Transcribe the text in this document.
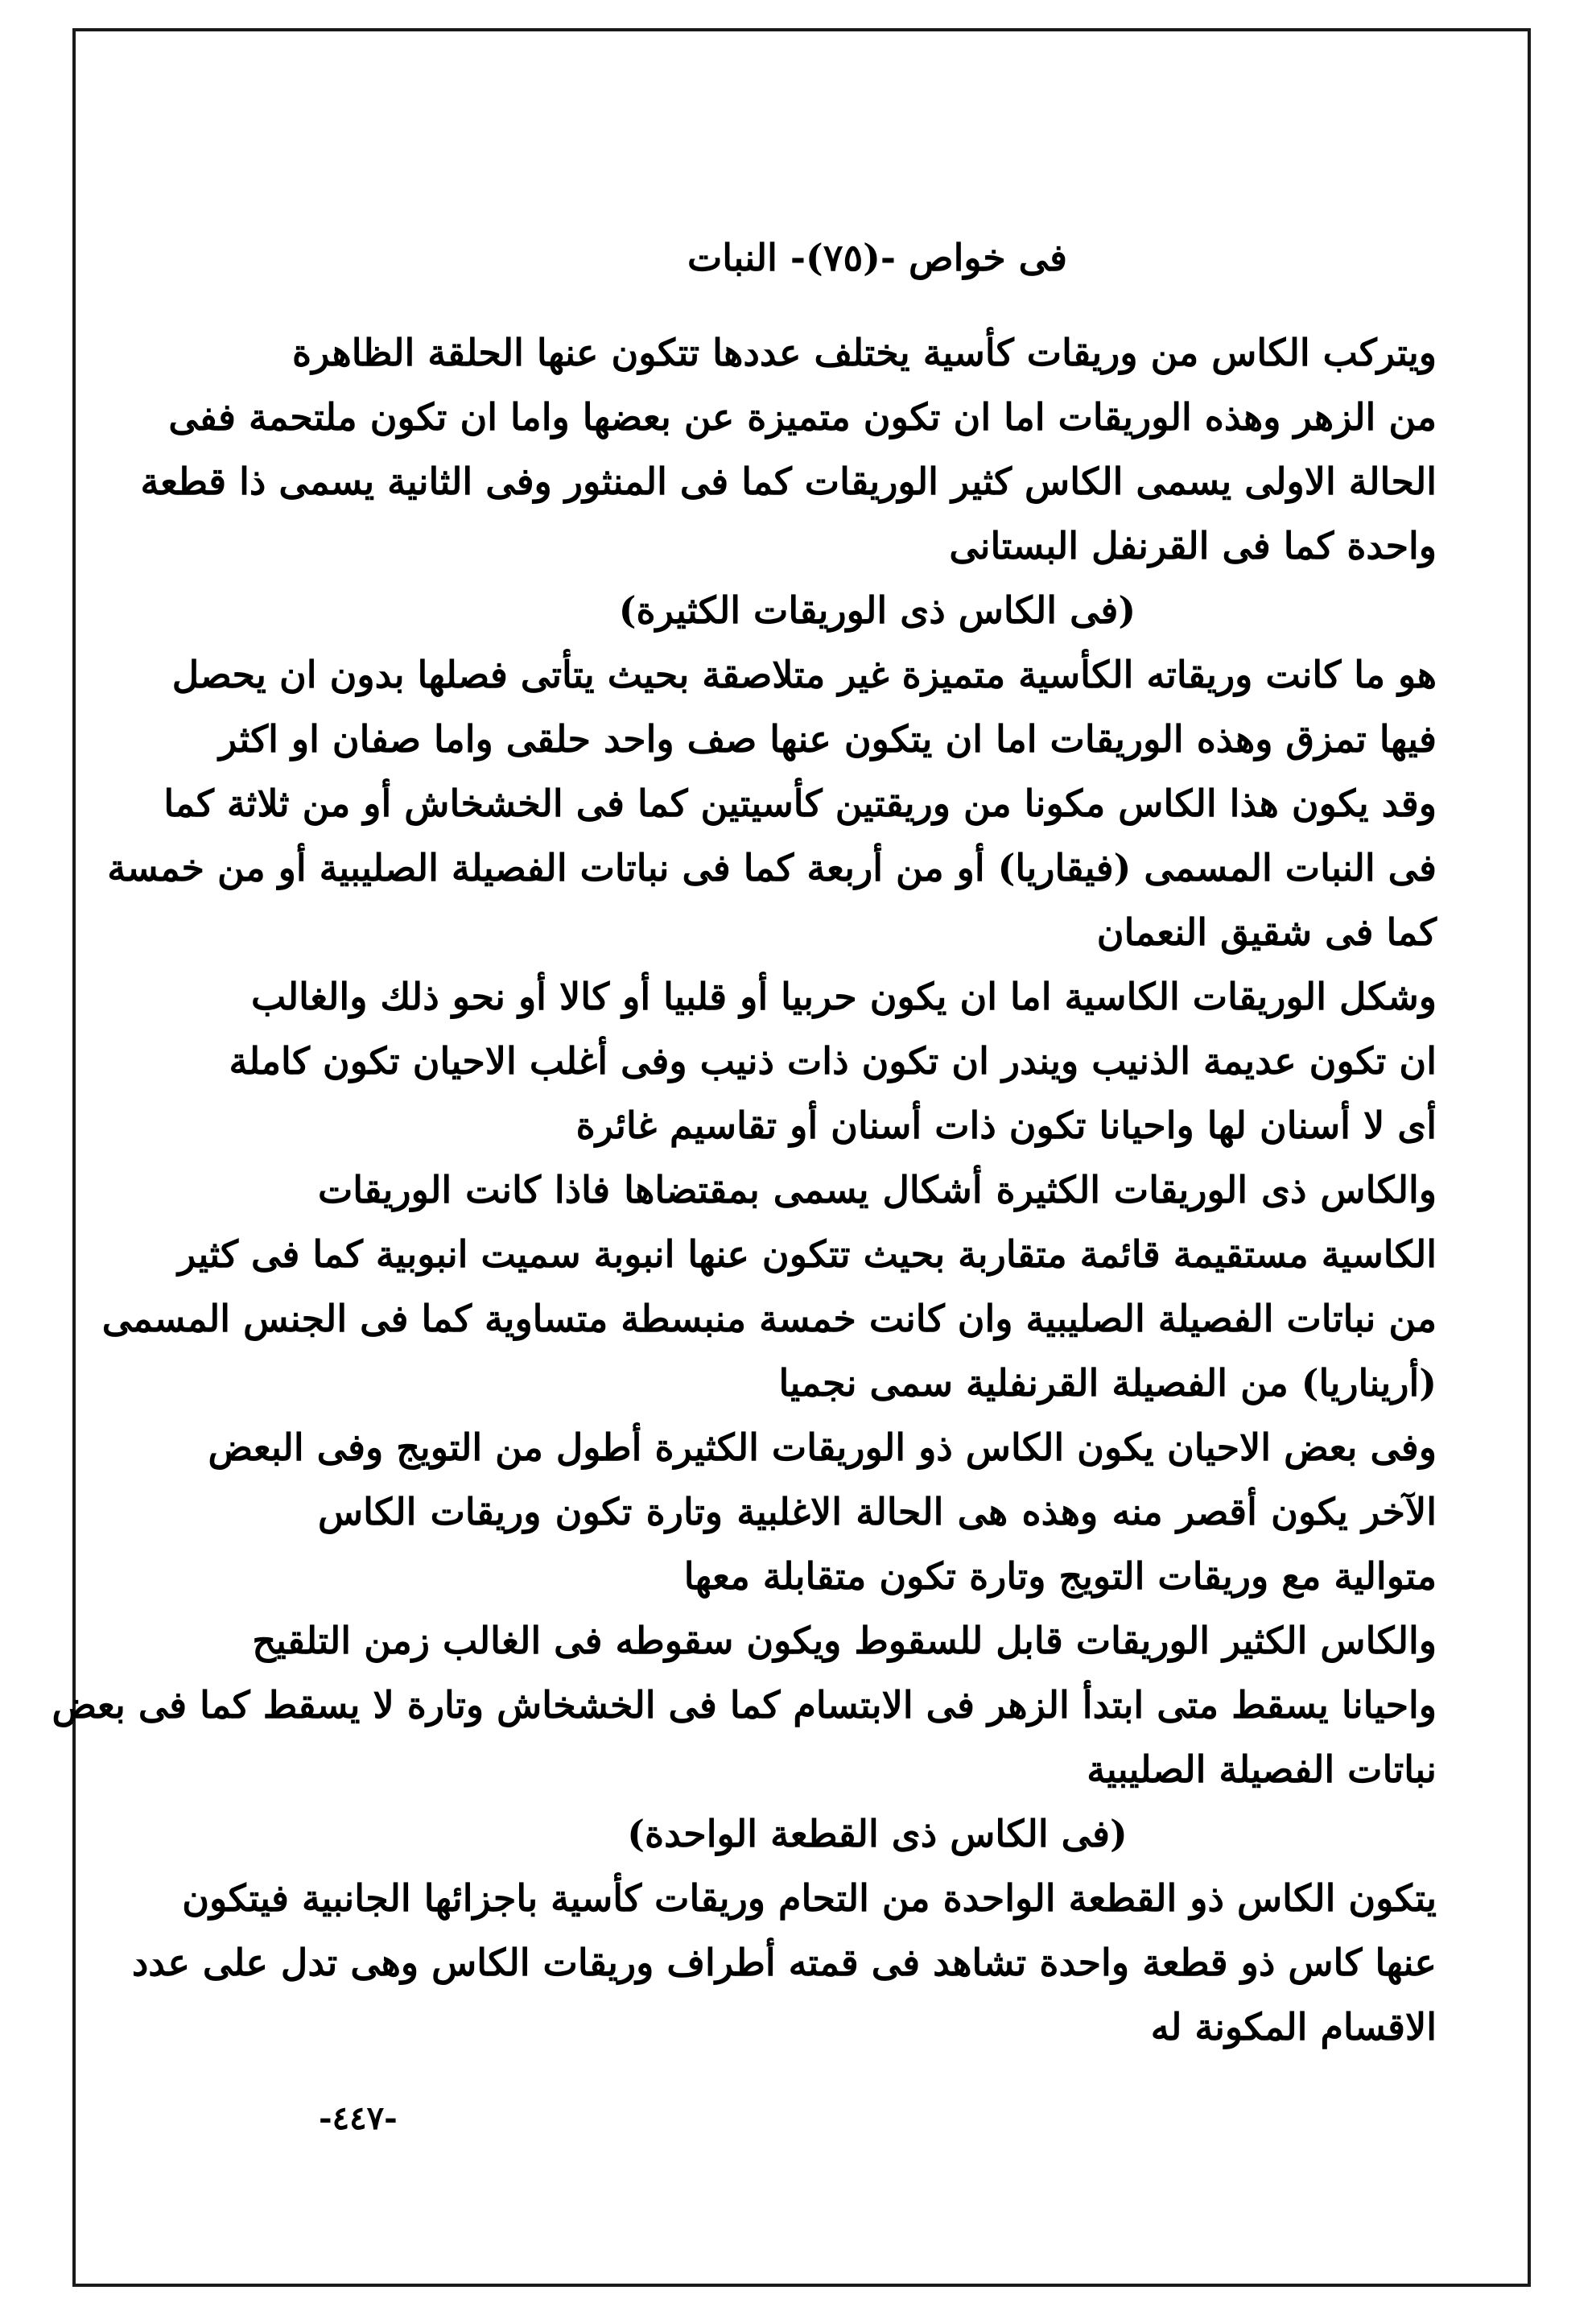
فى خواص -(٧٥)- النبات
ويتركب الكاس من وريقات كأسية يختلف عددها تتكون عنها الحلقة الظاهرة
من الزهر وهذه الوريقات اما ان تكون متميزة عن بعضها واما ان تكون ملتحمة ففى
الحالة الاولى يسمى الكاس كثير الوريقات كما فى المنثور وفى الثانية يسمى ذا قطعة
واحدة كما فى القرنفل البستانى
(فى الكاس ذى الوريقات الكثيرة)
هو ما كانت وريقاته الكأسية متميزة غير متلاصقة بحيث يتأتى فصلها بدون ان يحصل
فيها تمزق وهذه الوريقات اما ان يتكون عنها صف واحد حلقى واما صفان او اكثر
وقد يكون هذا الكاس مكونا من وريقتين كأسيتين كما فى الخشخاش أو من ثلاثة كما
فى النبات المسمى (فيقاريا) أو من أربعة كما فى نباتات الفصيلة الصليبية أو من خمسة
كما فى شقيق النعمان
وشكل الوريقات الكاسية اما ان يكون حربيا أو قلبيا أو كالا أو نحو ذلك والغالب
ان تكون عديمة الذنيب ويندر ان تكون ذات ذنيب وفى أغلب الاحيان تكون كاملة
أى لا أسنان لها واحيانا تكون ذات أسنان أو تقاسيم غائرة
والكاس ذى الوريقات الكثيرة أشكال يسمى بمقتضاها فاذا كانت الوريقات
الكاسية مستقيمة قائمة متقاربة بحيث تتكون عنها انبوبة سميت انبوبية كما فى كثير
من نباتات الفصيلة الصليبية وان كانت خمسة منبسطة متساوية كما فى الجنس المسمى
(أريناريا) من الفصيلة القرنفلية سمى نجميا
وفى بعض الاحيان يكون الكاس ذو الوريقات الكثيرة أطول من التويج وفى البعض
الآخر يكون أقصر منه وهذه هى الحالة الاغلبية وتارة تكون وريقات الكاس
متوالية مع وريقات التويج وتارة تكون متقابلة معها
والكاس الكثير الوريقات قابل للسقوط ويكون سقوطه فى الغالب زمن التلقيح
واحيانا يسقط متى ابتدأ الزهر فى الابتسام كما فى الخشخاش وتارة لا يسقط كما فى بعض
نباتات الفصيلة الصليبية
(فى الكاس ذى القطعة الواحدة)
يتكون الكاس ذو القطعة الواحدة من التحام وريقات كأسية باجزائها الجانبية فيتكون
عنها كاس ذو قطعة واحدة تشاهد فى قمته أطراف وريقات الكاس وهى تدل على عدد
الاقسام المكونة له
-٤٤٧-
